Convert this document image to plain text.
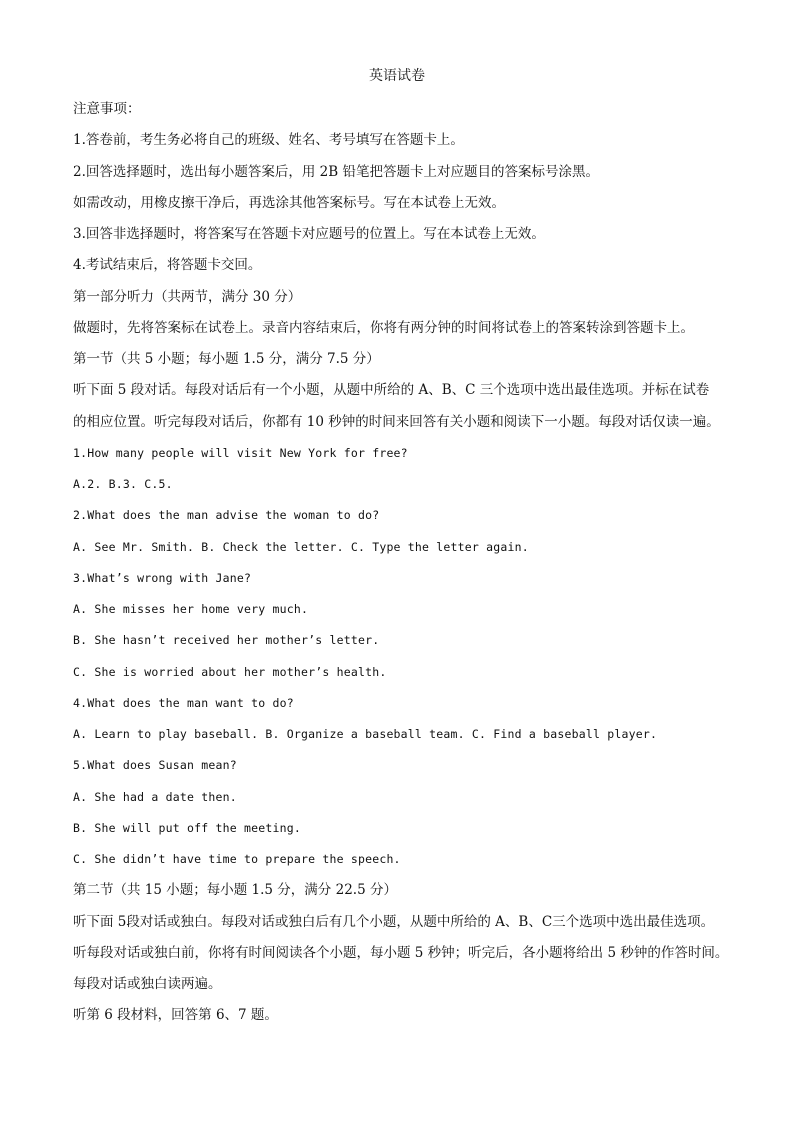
英语试卷
注意事项：
1.答卷前，考生务必将自己的班级、姓名、考号填写在答题卡上。
2.回答选择题时，选出每小题答案后，用 2B 铅笔把答题卡上对应题目的答案标号涂黑。
如需改动，用橡皮擦干净后，再选涂其他答案标号。写在本试卷上无效。
3.回答非选择题时，将答案写在答题卡对应题号的位置上。写在本试卷上无效。
4.考试结束后，将答题卡交回。
第一部分听力（共两节，满分 30 分）
做题时，先将答案标在试卷上。录音内容结束后，你将有两分钟的时间将试卷上的答案转涂到答题卡上。
第一节（共 5 小题；每小题 1.5 分，满分 7.5 分）
听下面 5 段对话。每段对话后有一个小题，从题中所给的 A、B、C 三个选项中选出最佳选项。并标在试卷
的相应位置。听完每段对话后，你都有 10 秒钟的时间来回答有关小题和阅读下一小题。每段对话仅读一遍。
1.How many people will visit New York for free?
A.2. B.3. C.5.
2.What does the man advise the woman to do?
A. See Mr. Smith. B. Check the letter. C. Type the letter again.
3.What’s wrong with Jane?
A. She misses her home very much.
B. She hasn’t received her mother’s letter.
C. She is worried about her mother’s health.
4.What does the man want to do?
A. Learn to play baseball. B. Organize a baseball team. C. Find a baseball player.
5.What does Susan mean?
A. She had a date then.
B. She will put off the meeting.
C. She didn’t have time to prepare the speech.
第二节（共 15 小题；每小题 1.5 分，满分 22.5 分）
听下面 5段对话或独白。每段对话或独白后有几个小题，从题中所给的 A、B、C三个选项中选出最佳选项。
听每段对话或独白前，你将有时间阅读各个小题，每小题 5 秒钟；听完后，各小题将给出 5 秒钟的作答时间。
每段对话或独白读两遍。
听第 6 段材料，回答第 6、7 题。
